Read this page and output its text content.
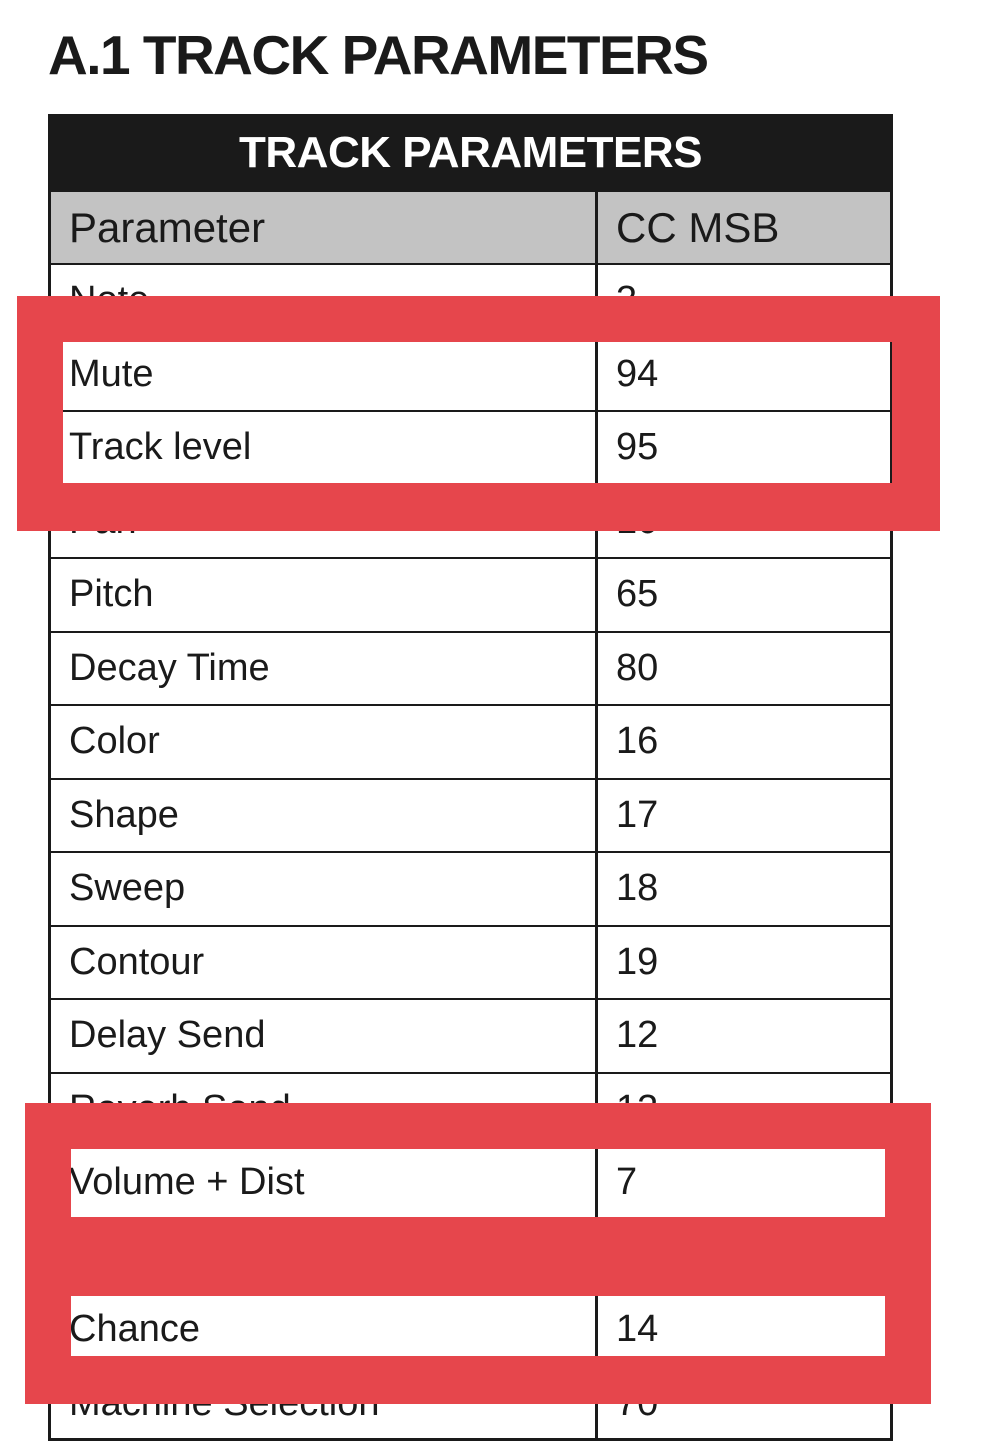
A.1 TRACK PARAMETERS
TRACK PARAMETERS
Parameter	CC MSB
Note	3
Mute	94
Track level	95
Pan	10
Pitch	65
Decay Time	80
Color	16
Shape	17
Sweep	18
Contour	19
Delay Send	12
Reverb Send	13
Volume + Dist	7
Chance	14
Machine Selection	70
